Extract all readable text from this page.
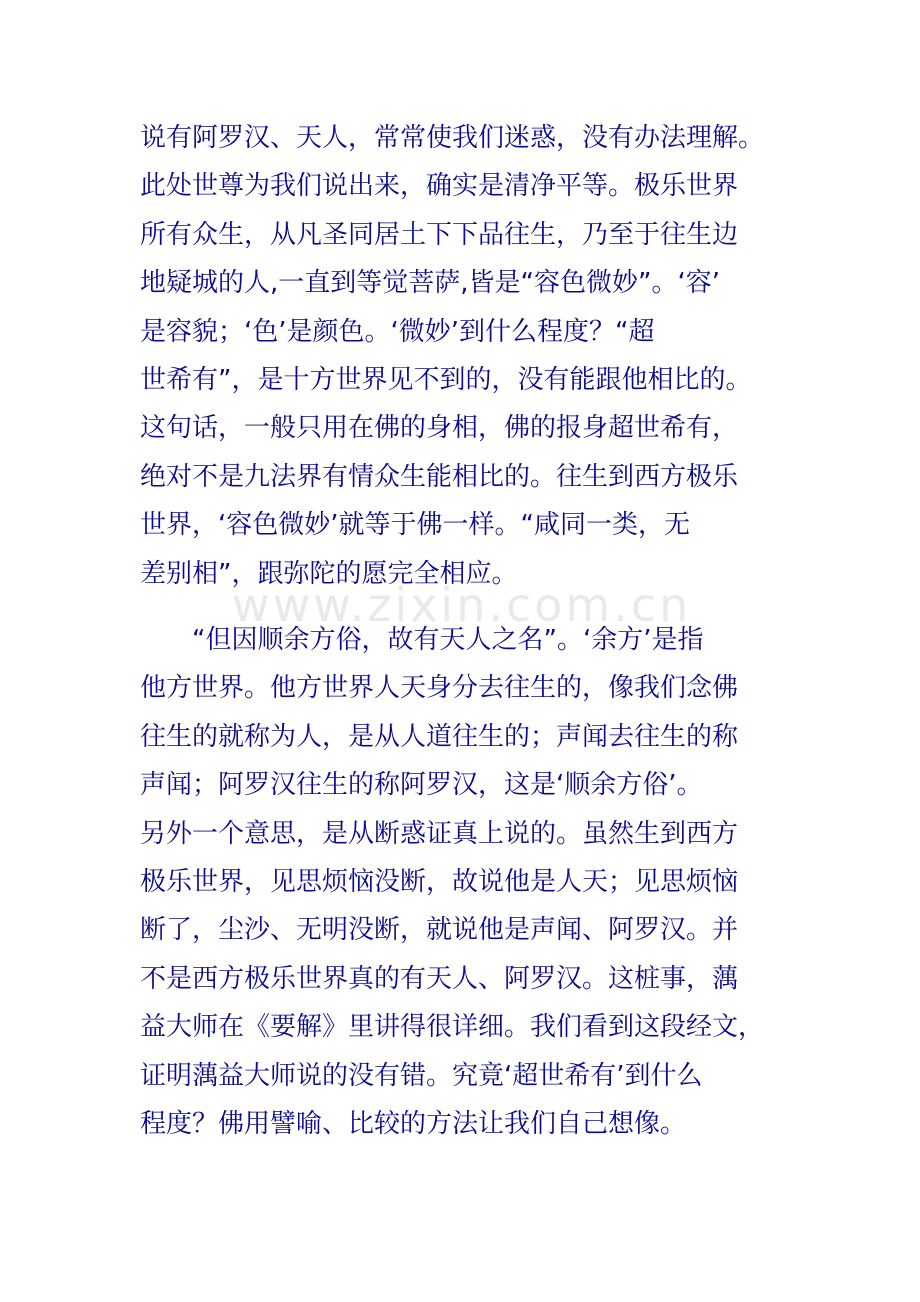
www.zixin.com.cn
说有阿罗汉、天人，常常使我们迷惑，没有办法理解。
此处世尊为我们说出来，确实是清净平等。极乐世界
所有众生，从凡圣同居土下下品往生，乃至于往生边
地疑城的人,一直到等觉菩萨,皆是“容色微妙”。‘容’
是容貌；‘色’是颜色。‘微妙’到什么程度？“超
世希有”，是十方世界见不到的，没有能跟他相比的。
这句话，一般只用在佛的身相，佛的报身超世希有，
绝对不是九法界有情众生能相比的。往生到西方极乐
世界，‘容色微妙’就等于佛一样。“咸同一类，无
差别相”，跟弥陀的愿完全相应。
　　“但因顺余方俗，故有天人之名”。‘余方’是指
他方世界。他方世界人天身分去往生的，像我们念佛
往生的就称为人，是从人道往生的；声闻去往生的称
声闻；阿罗汉往生的称阿罗汉，这是‘顺余方俗’。
另外一个意思，是从断惑证真上说的。虽然生到西方
极乐世界，见思烦恼没断，故说他是人天；见思烦恼
断了，尘沙、无明没断，就说他是声闻、阿罗汉。并
不是西方极乐世界真的有天人、阿罗汉。这桩事，蕅
益大师在《要解》里讲得很详细。我们看到这段经文，
证明蕅益大师说的没有错。究竟‘超世希有’到什么
程度？佛用譬喻、比较的方法让我们自己想像。
